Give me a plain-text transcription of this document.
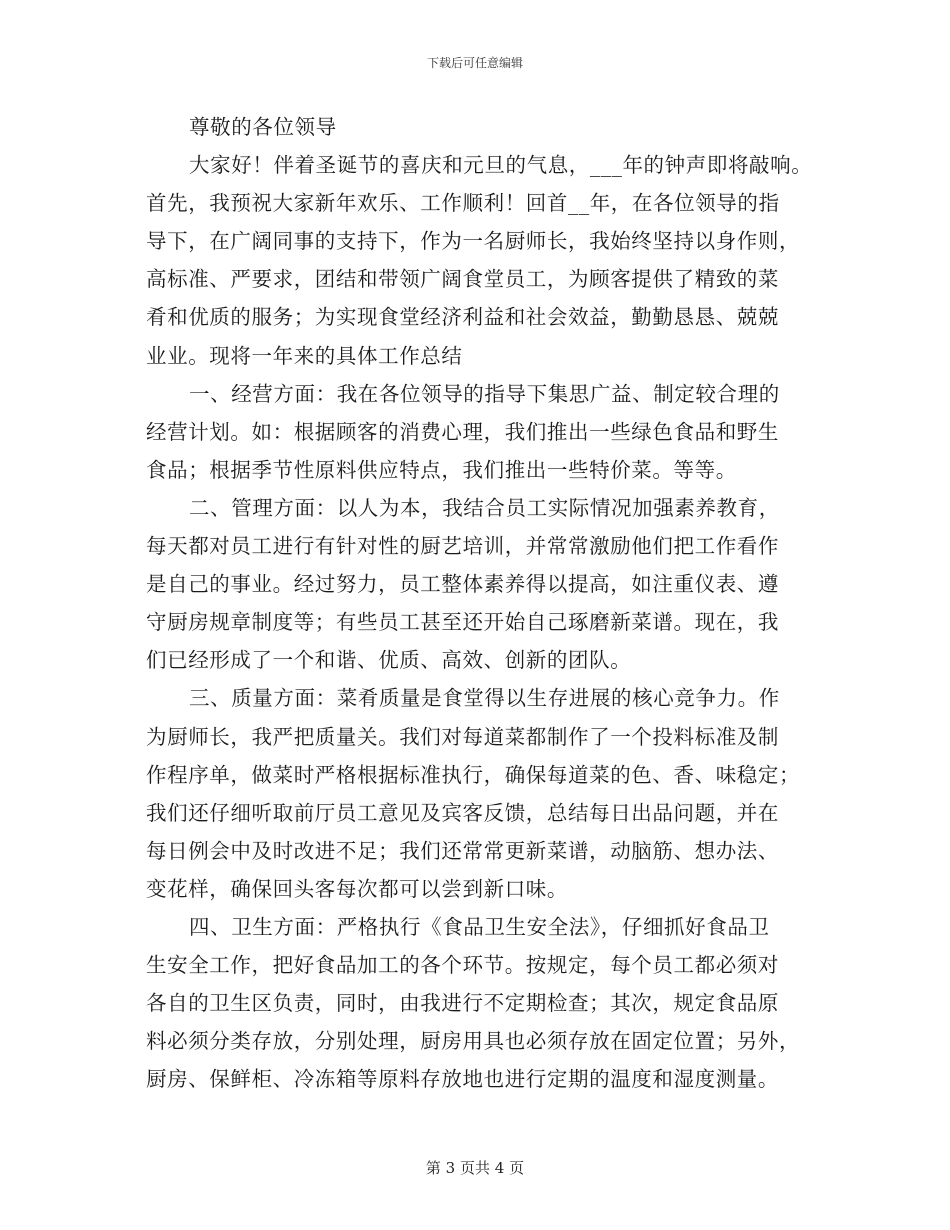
下载后可任意编辑
尊敬的各位领导
大家好！伴着圣诞节的喜庆和元旦的气息，___年的钟声即将敲响。
首先，我预祝大家新年欢乐、工作顺利！回首__年，在各位领导的指
导下，在广阔同事的支持下，作为一名厨师长，我始终坚持以身作则，
高标准、严要求，团结和带领广阔食堂员工，为顾客提供了精致的菜
肴和优质的服务；为实现食堂经济利益和社会效益，勤勤恳恳、兢兢
业业。现将一年来的具体工作总结
一、经营方面：我在各位领导的指导下集思广益、制定较合理的
经营计划。如：根据顾客的消费心理，我们推出一些绿色食品和野生
食品；根据季节性原料供应特点，我们推出一些特价菜。等等。
二、管理方面：以人为本，我结合员工实际情况加强素养教育，
每天都对员工进行有针对性的厨艺培训，并常常激励他们把工作看作
是自己的事业。经过努力，员工整体素养得以提高，如注重仪表、遵
守厨房规章制度等；有些员工甚至还开始自己琢磨新菜谱。现在，我
们已经形成了一个和谐、优质、高效、创新的团队。
三、质量方面：菜肴质量是食堂得以生存进展的核心竞争力。作
为厨师长，我严把质量关。我们对每道菜都制作了一个投料标准及制
作程序单，做菜时严格根据标准执行，确保每道菜的色、香、味稳定；
我们还仔细听取前厅员工意见及宾客反馈，总结每日出品问题，并在
每日例会中及时改进不足；我们还常常更新菜谱，动脑筋、想办法、
变花样，确保回头客每次都可以尝到新口味。
四、卫生方面：严格执行《食品卫生安全法》，仔细抓好食品卫
生安全工作，把好食品加工的各个环节。按规定，每个员工都必须对
各自的卫生区负责，同时，由我进行不定期检查；其次，规定食品原
料必须分类存放，分别处理，厨房用具也必须存放在固定位置；另外，
厨房、保鲜柜、冷冻箱等原料存放地也进行定期的温度和湿度测量。
第 3 页共 4 页
